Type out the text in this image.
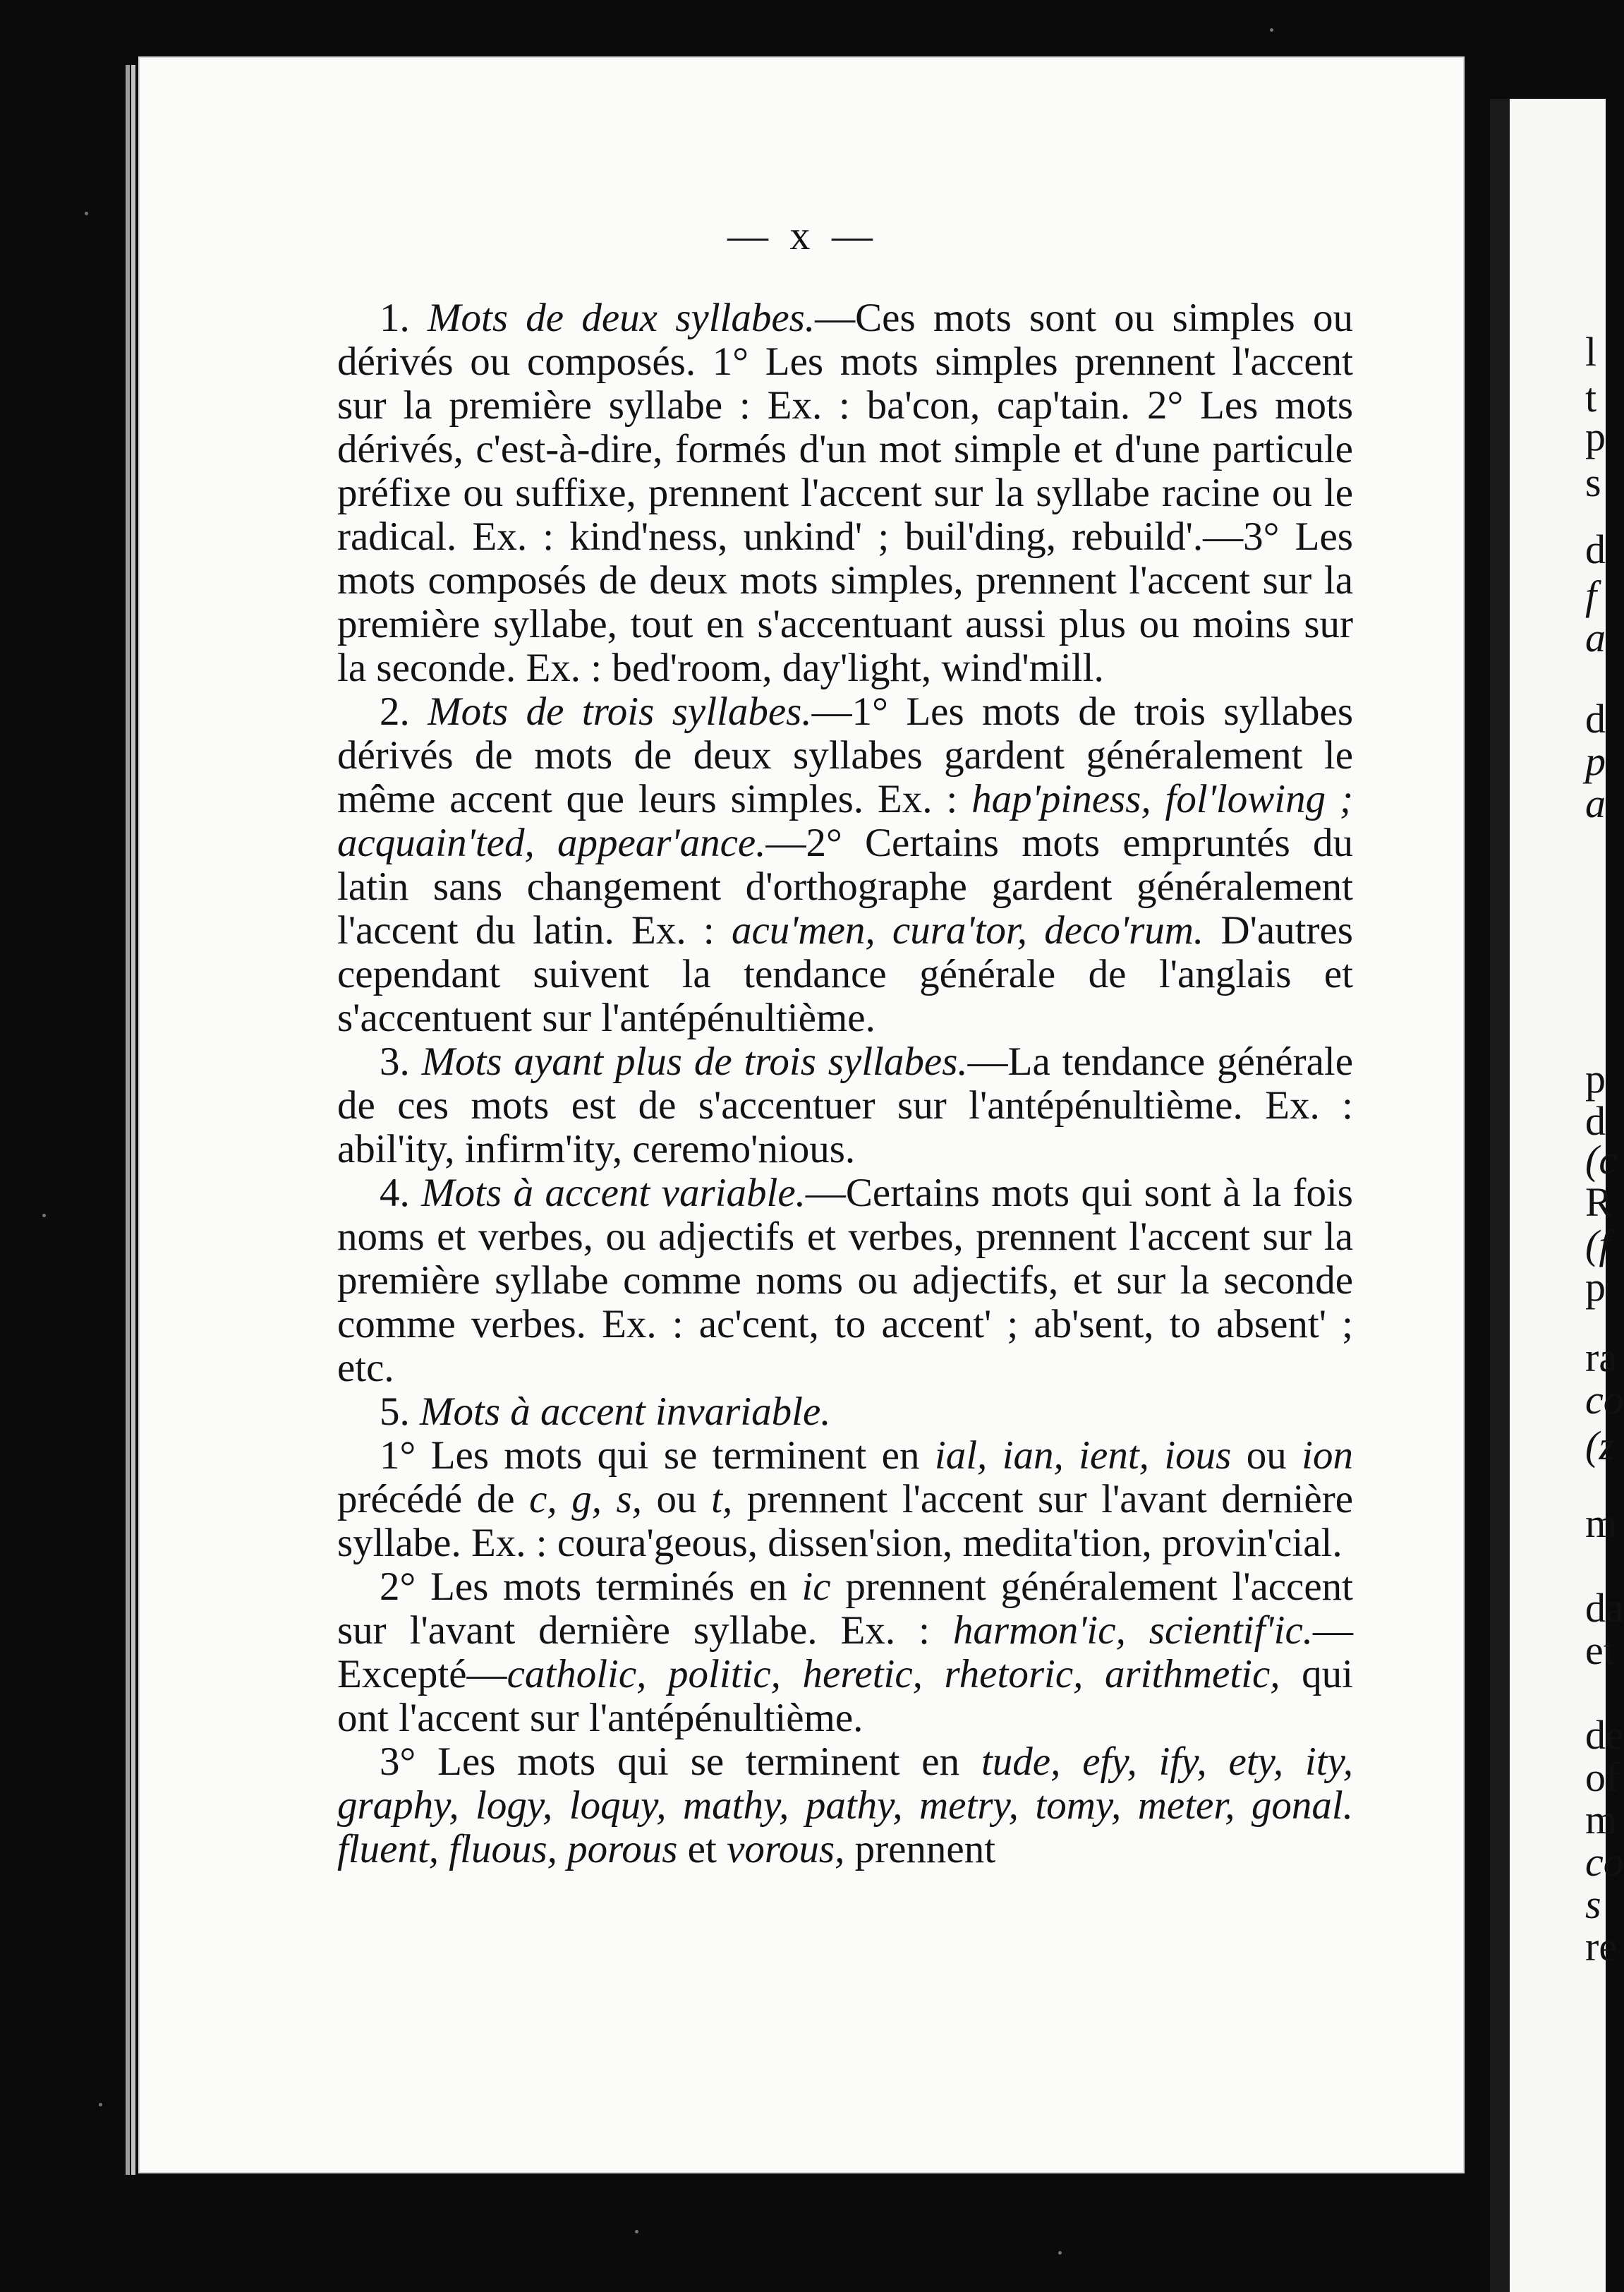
l
t
p
s
d
f
a
d
p
a
p
d
(c
R
(f
p
ra
co
(z
m
da
et
de
of
m
co
s
re
— x —

1. Mots de deux syllabes.—Ces mots sont ou simples ou dérivés ou composés. 1° Les mots simples prennent l'accent sur la première syllabe : Ex. : ba'con, cap'tain. 2° Les mots dérivés, c'est-à-dire, formés d'un mot simple et d'une particule préfixe ou suffixe, prennent l'accent sur la syllabe racine ou le radical. Ex. : kind'ness, unkind' ; buil'ding, rebuild'.—3° Les mots composés de deux mots simples, prennent l'accent sur la première syllabe, tout en s'accentuant aussi plus ou moins sur la seconde. Ex. : bed'room, day'light, wind'mill.

2. Mots de trois syllabes.—1° Les mots de trois syllabes dérivés de mots de deux syllabes gardent généralement le même accent que leurs simples. Ex. : hap'piness, fol'lowing ; acquain'ted, appear'ance.—2° Certains mots empruntés du latin sans changement d'orthographe gardent généralement l'accent du latin. Ex. : acu'men, cura'tor, deco'rum. D'autres cependant suivent la tendance générale de l'anglais et s'accentuent sur l'antépénultième.

3. Mots ayant plus de trois syllabes.—La tendance générale de ces mots est de s'accentuer sur l'antépénultième. Ex. : abil'ity, infirm'ity, ceremo'nious.

4. Mots à accent variable.—Certains mots qui sont à la fois noms et verbes, ou adjectifs et verbes, prennent l'accent sur la première syllabe comme noms ou adjectifs, et sur la seconde comme verbes. Ex. : ac'cent, to accent' ; ab'sent, to absent' ; etc.

5. Mots à accent invariable.

1° Les mots qui se terminent en ial, ian, ient, ious ou ion précédé de c, g, s, ou t, prennent l'accent sur l'avant dernière syllabe. Ex. : coura'geous, dissen'sion, medita'tion, provin'cial.

2° Les mots terminés en ic prennent généralement l'accent sur l'avant dernière syllabe. Ex. : harmon'ic, scientif'ic.—Excepté—catholic, politic, heretic, rhetoric, arithmetic, qui ont l'accent sur l'antépénultième.

3° Les mots qui se terminent en tude, efy, ify, ety, ity, graphy, logy, loquy, mathy, pathy, metry, tomy, meter, gonal. fluent, fluous, porous et vorous, prennent
